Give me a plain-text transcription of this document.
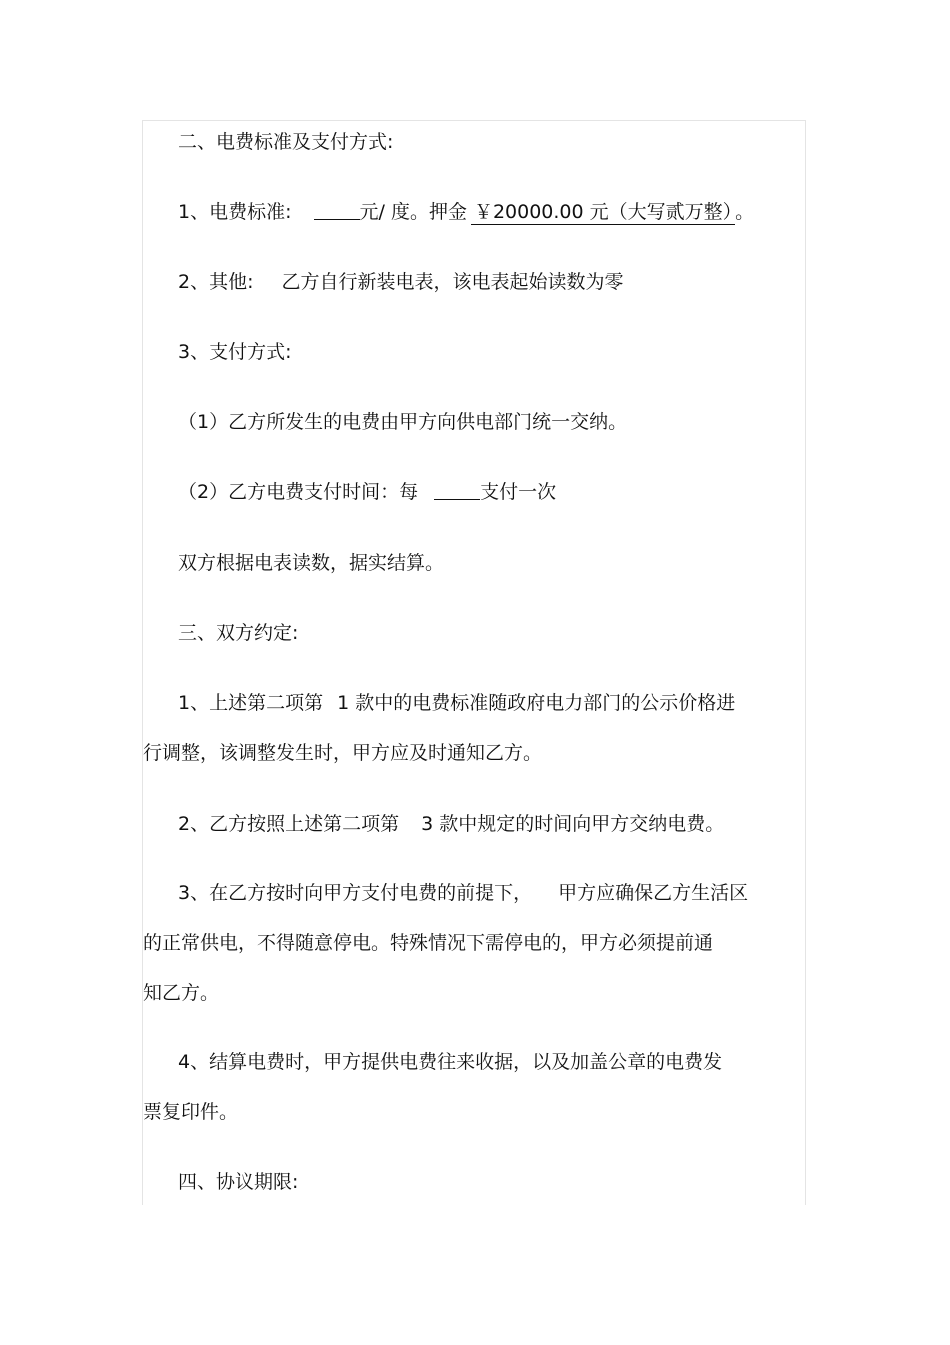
二、电费标准及支付方式:
1、电费标准:	元/ 度。押金 ￥20000.00 元（大写贰万整） 。
2、其他: 乙方自行新装电表，该电表起始读数为零
3、支付方式:
（1）乙方所发生的电费由甲方向供电部门统一交纳。
（2）乙方电费支付时间：每	支付一次
双方根据电表读数，据实结算。
三、双方约定:
1、上述第二项第 1 款中的电费标准随政府电力部门的公示价格进
行调整，该调整发生时，甲方应及时通知乙方。
2、乙方按照上述第二项第 3 款中规定的时间向甲方交纳电费。
3、在乙方按时向甲方支付电费的前提下， 甲方应确保乙方生活区
的正常供电，不得随意停电。特殊情况下需停电的，甲方必须提前通
知乙方。
4、结算电费时，甲方提供电费往来收据，以及加盖公章的电费发
票复印件。
四、协议期限:
